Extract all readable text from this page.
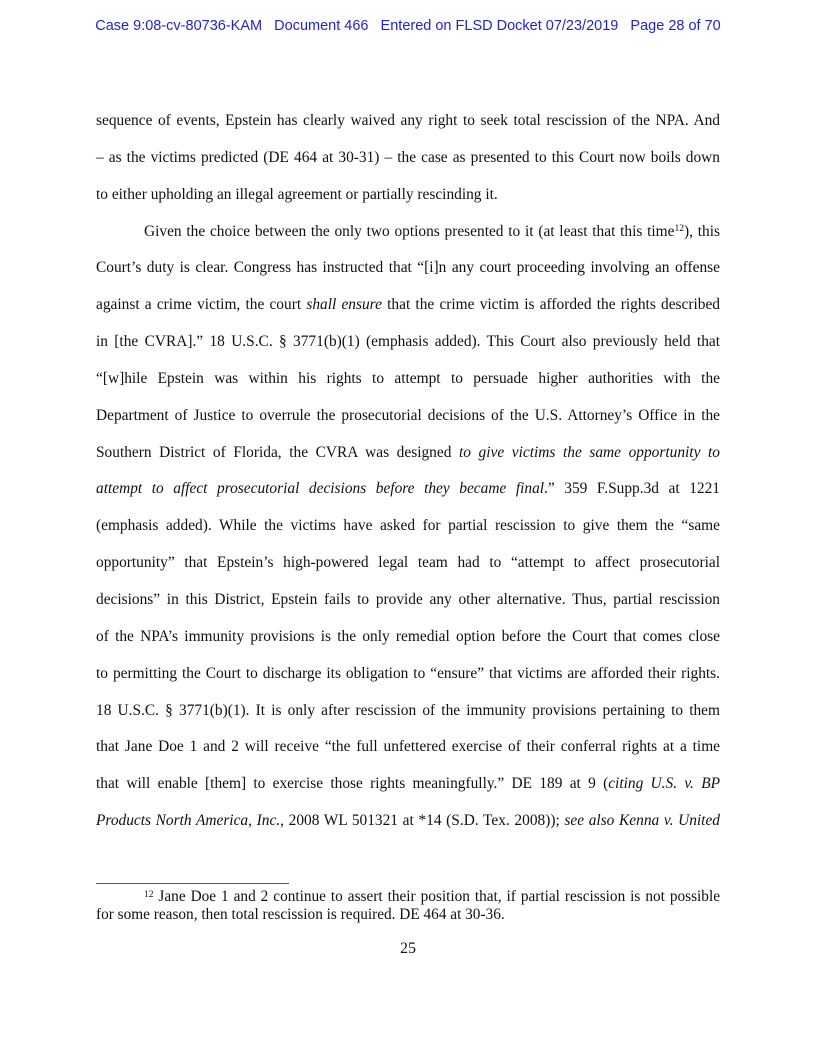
Case 9:08-cv-80736-KAM   Document 466   Entered on FLSD Docket 07/23/2019   Page 28 of 70
sequence of events, Epstein has clearly waived any right to seek total rescission of the NPA. And
– as the victims predicted (DE 464 at 30-31) – the case as presented to this Court now boils down
to either upholding an illegal agreement or partially rescinding it.
Given the choice between the only two options presented to it (at least that this time$^{12}$), this
Court’s duty is clear. Congress has instructed that “[i]n any court proceeding involving an offense
against a crime victim, the court shall ensure that the crime victim is afforded the rights described
in [the CVRA].” 18 U.S.C. § 3771(b)(1) (emphasis added). This Court also previously held that
“[w]hile Epstein was within his rights to attempt to persuade higher authorities with the
Department of Justice to overrule the prosecutorial decisions of the U.S. Attorney’s Office in the
Southern District of Florida, the CVRA was designed to give victims the same opportunity to
attempt to affect prosecutorial decisions before they became final.” 359 F.Supp.3d at 1221
(emphasis added). While the victims have asked for partial rescission to give them the “same
opportunity” that Epstein’s high-powered legal team had to “attempt to affect prosecutorial
decisions” in this District, Epstein fails to provide any other alternative. Thus, partial rescission
of the NPA’s immunity provisions is the only remedial option before the Court that comes close
to permitting the Court to discharge its obligation to “ensure” that victims are afforded their rights.
18 U.S.C. § 3771(b)(1). It is only after rescission of the immunity provisions pertaining to them
that Jane Doe 1 and 2 will receive “the full unfettered exercise of their conferral rights at a time
that will enable [them] to exercise those rights meaningfully.” DE 189 at 9 (citing U.S. v. BP
Products North America, Inc., 2008 WL 501321 at *14 (S.D. Tex. 2008)); see also Kenna v. United
$^{12}$ Jane Doe 1 and 2 continue to assert their position that, if partial rescission is not possible
for some reason, then total rescission is required. DE 464 at 30-36.
25
